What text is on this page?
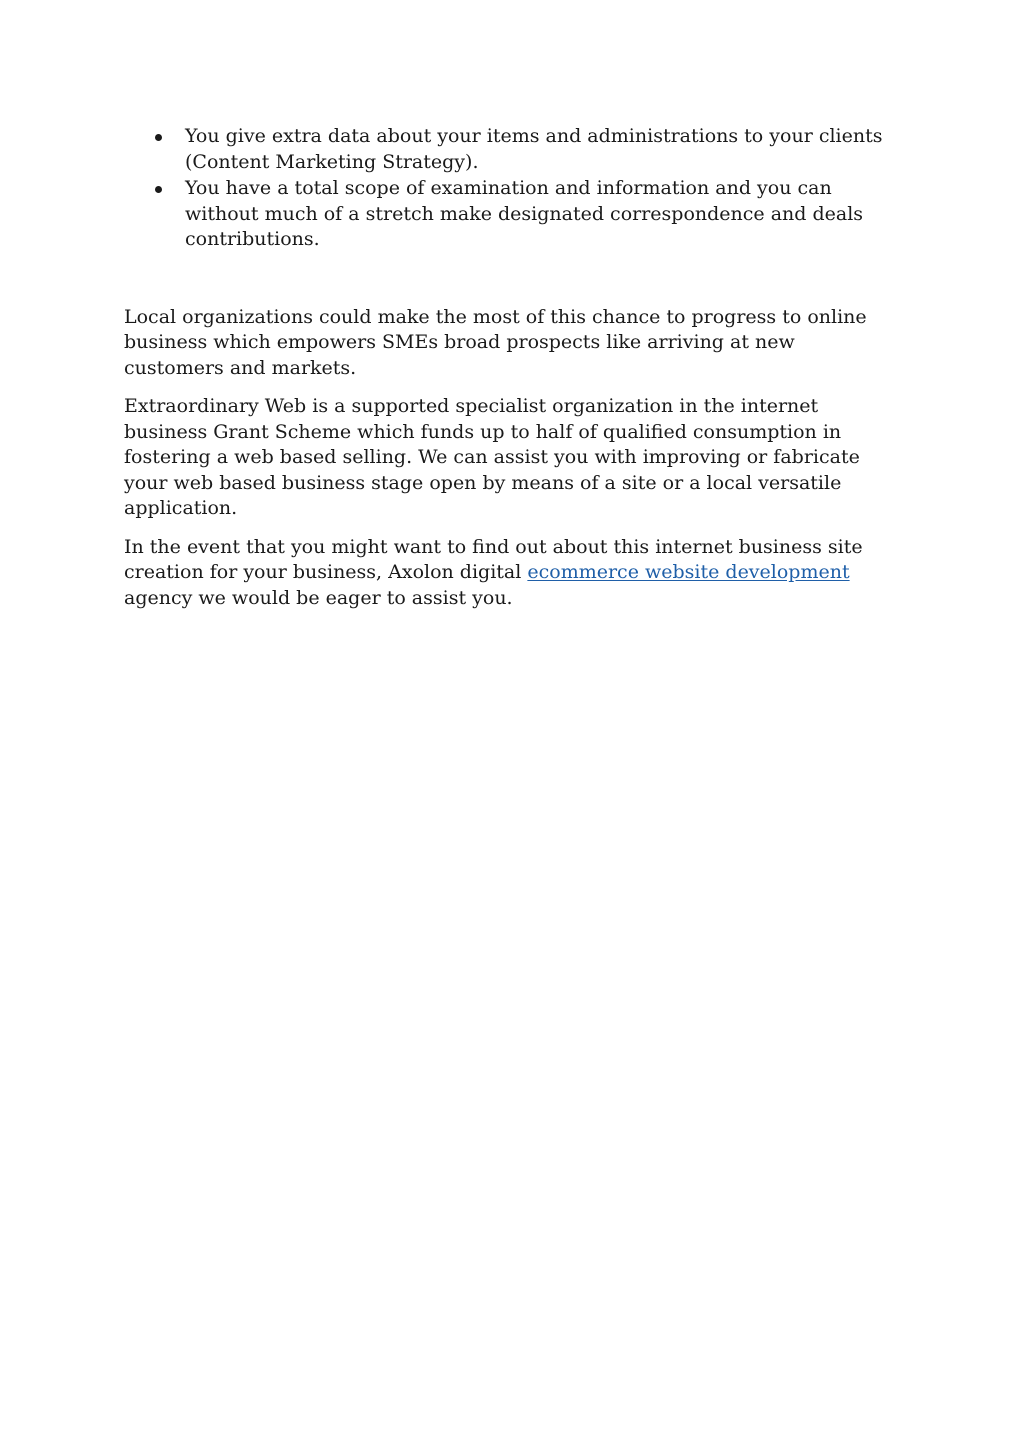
You give extra data about your items and administrations to your clients (Content Marketing Strategy).
You have a total scope of examination and information and you can without much of a stretch make designated correspondence and deals contributions.

Local organizations could make the most of this chance to progress to online business which empowers SMEs broad prospects like arriving at new customers and markets.

Extraordinary Web is a supported specialist organization in the internet business Grant Scheme which funds up to half of qualified consumption in fostering a web based selling. We can assist you with improving or fabricate your web based business stage open by means of a site or a local versatile application.

In the event that you might want to find out about this internet business site creation for your business, Axolon digital ecommerce website development agency we would be eager to assist you.
